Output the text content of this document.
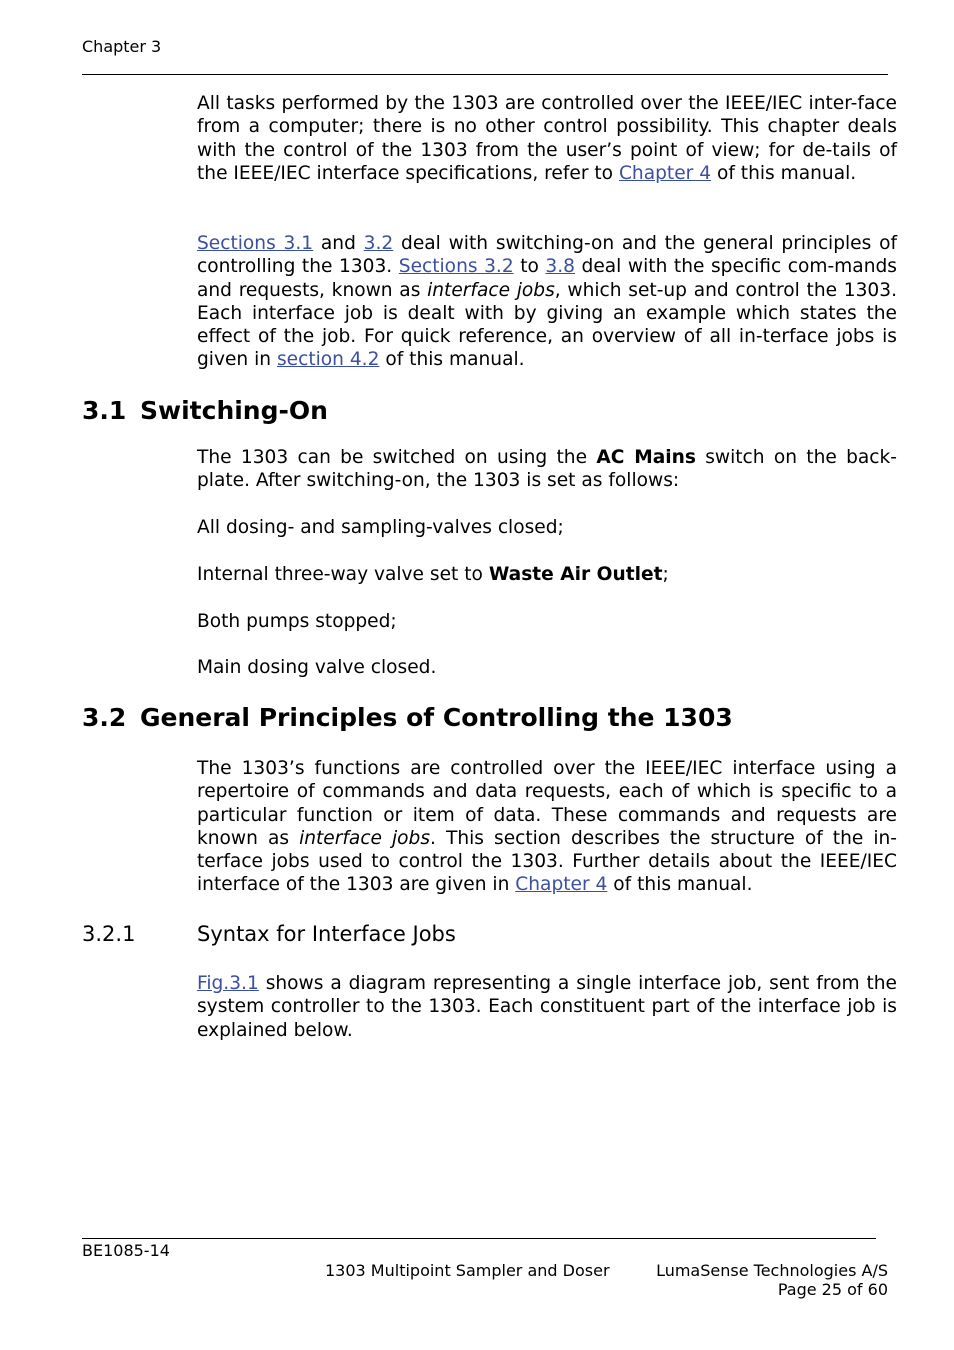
Chapter 3

All tasks performed by the 1303 are controlled over the IEEE/IEC inter-face from a computer; there is no other control possibility. This chapter deals with the control of the 1303 from the user’s point of view; for de-tails of the IEEE/IEC interface specifications, refer to Chapter 4 of this manual.

Sections 3.1 and 3.2 deal with switching-on and the general principles of controlling the 1303. Sections 3.2 to 3.8 deal with the specific com-mands and requests, known as interface jobs, which set-up and control the 1303. Each interface job is dealt with by giving an example which states the effect of the job. For quick reference, an overview of all in-terface jobs is given in section 4.2 of this manual.

3.1 Switching-On

The 1303 can be switched on using the AC Mains switch on the back-plate. After switching-on, the 1303 is set as follows:

All dosing- and sampling-valves closed;
Internal three-way valve set to Waste Air Outlet;
Both pumps stopped;
Main dosing valve closed.
3.2 General Principles of Controlling the 1303

The 1303’s functions are controlled over the IEEE/IEC interface using a repertoire of commands and data requests, each of which is specific to a particular function or item of data. These commands and requests are known as interface jobs. This section describes the structure of the in-terface jobs used to control the 1303. Further details about the IEEE/IEC interface of the 1303 are given in Chapter 4 of this manual.

3.2.1	Syntax for Interface Jobs

Fig.3.1 shows a diagram representing a single interface job, sent from the system controller to the 1303. Each constituent part of the interface job is explained below.

BE1085-14
1303 Multipoint Sampler and Doser	LumaSense Technologies A/S
Page 25 of 60
